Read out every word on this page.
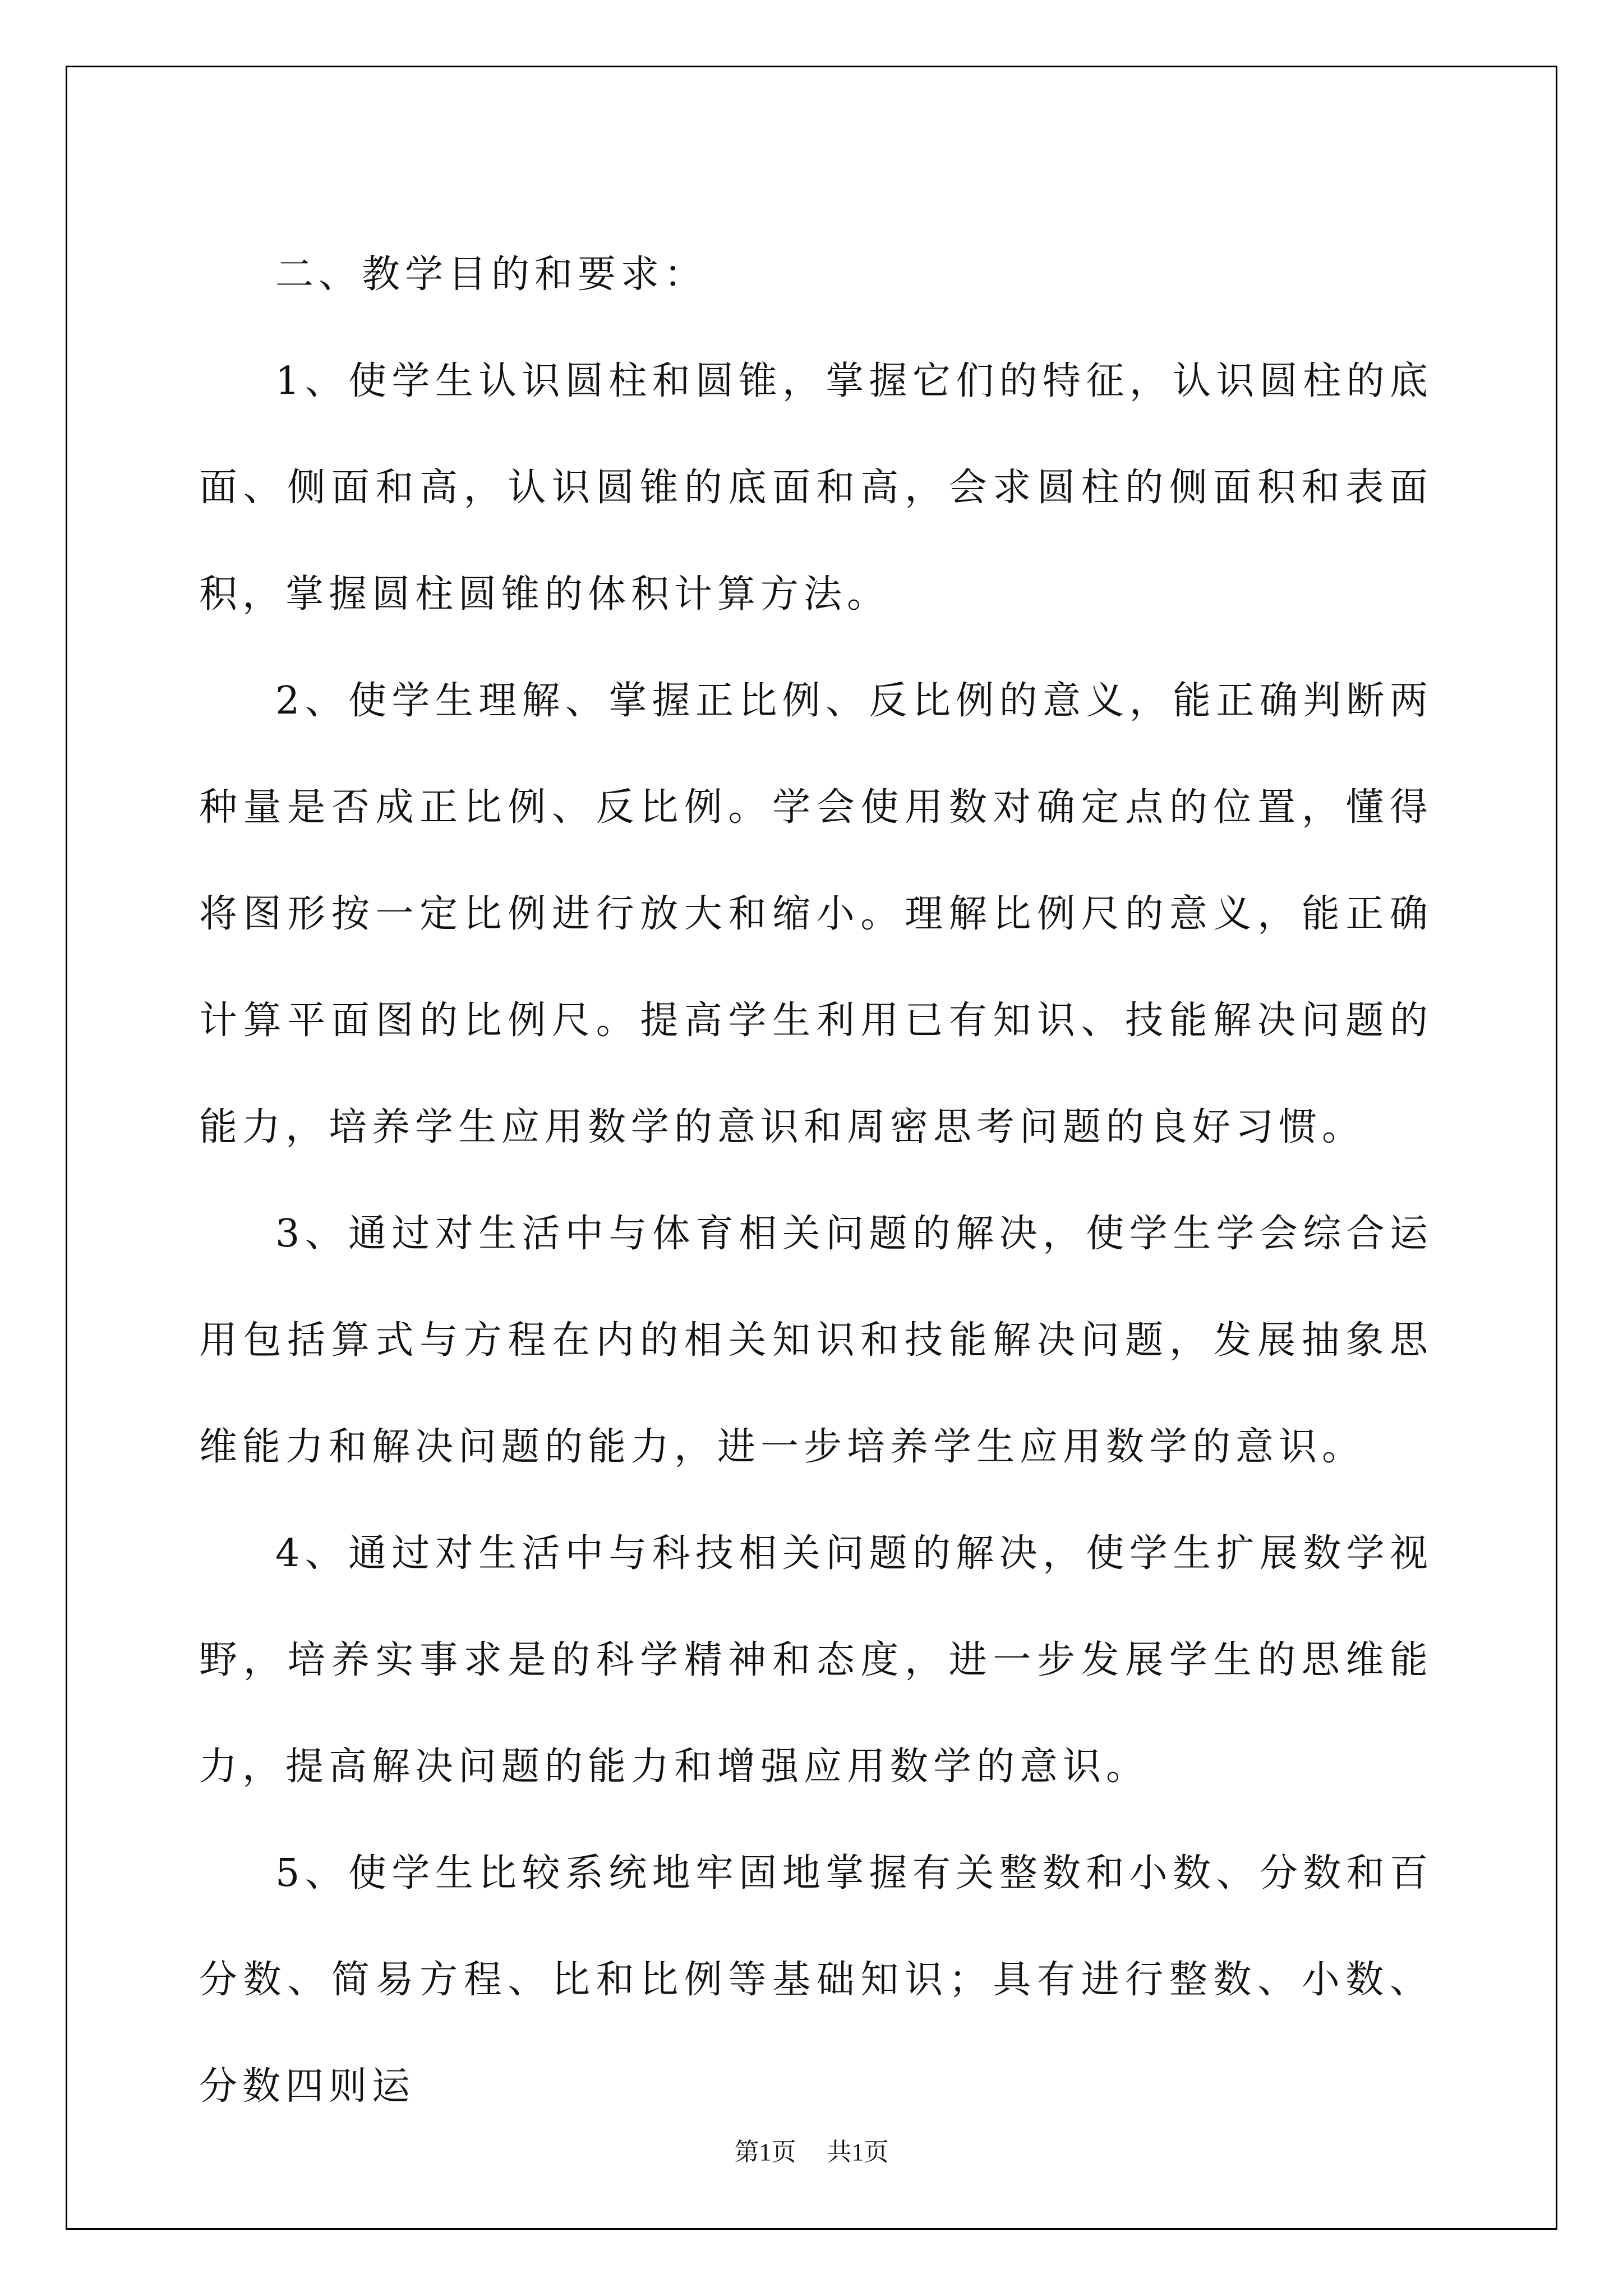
二、教学目的和要求：

1、使学生认识圆柱和圆锥，掌握它们的特征，认识圆柱的底面、侧面和高，认识圆锥的底面和高，会求圆柱的侧面积和表面积，掌握圆柱圆锥的体积计算方法。

2、使学生理解、掌握正比例、反比例的意义，能正确判断两种量是否成正比例、反比例。学会使用数对确定点的位置，懂得将图形按一定比例进行放大和缩小。理解比例尺的意义，能正确计算平面图的比例尺。提高学生利用已有知识、技能解决问题的能力，培养学生应用数学的意识和周密思考问题的良好习惯。

3、通过对生活中与体育相关问题的解决，使学生学会综合运用包括算式与方程在内的相关知识和技能解决问题，发展抽象思维能力和解决问题的能力，进一步培养学生应用数学的意识。

4、通过对生活中与科技相关问题的解决，使学生扩展数学视野，培养实事求是的科学精神和态度，进一步发展学生的思维能力，提高解决问题的能力和增强应用数学的意识。

5、使学生比较系统地牢固地掌握有关整数和小数、分数和百分数、简易方程、比和比例等基础知识；具有进行整数、小数、分数四则运

第1页 共1页
